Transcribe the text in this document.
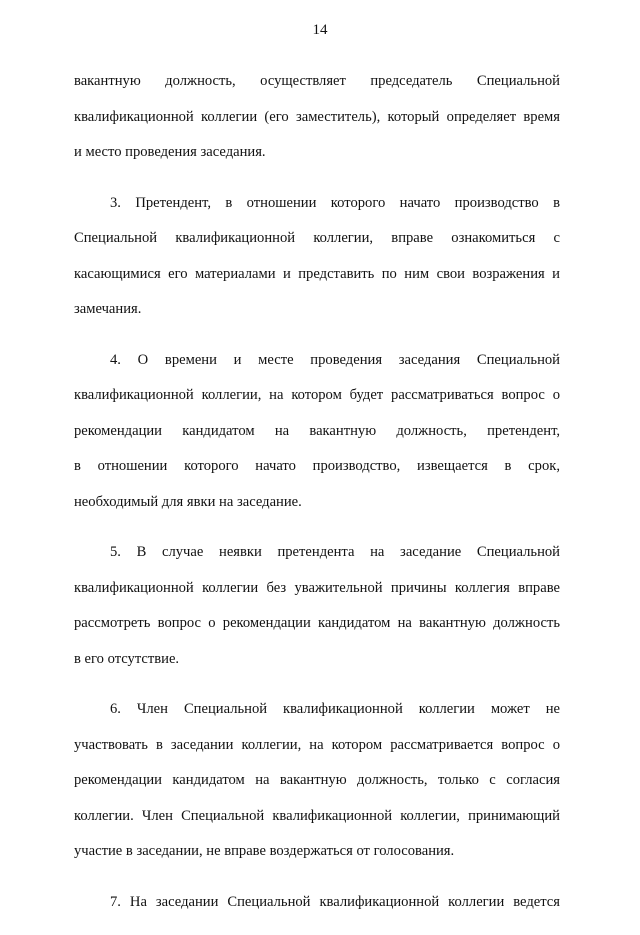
14
вакантную должность, осуществляет председатель Специальной
квалификационной коллегии (его заместитель), который определяет время
и место проведения заседания.
3. Претендент, в отношении которого начато производство в
Специальной квалификационной коллегии, вправе ознакомиться с
касающимися его материалами и представить по ним свои возражения и
замечания.
4. О времени и месте проведения заседания Специальной
квалификационной коллегии, на котором будет рассматриваться вопрос о
рекомендации кандидатом на вакантную должность, претендент,
в отношении которого начато производство, извещается в срок,
необходимый для явки на заседание.
5. В случае неявки претендента на заседание Специальной
квалификационной коллегии без уважительной причины коллегия вправе
рассмотреть вопрос о рекомендации кандидатом на вакантную должность
в его отсутствие.
6. Член Специальной квалификационной коллегии может не
участвовать в заседании коллегии, на котором рассматривается вопрос о
рекомендации кандидатом на вакантную должность, только с согласия
коллегии. Член Специальной квалификационной коллегии, принимающий
участие в заседании, не вправе воздержаться от голосования.
7. На заседании Специальной квалификационной коллегии ведется
